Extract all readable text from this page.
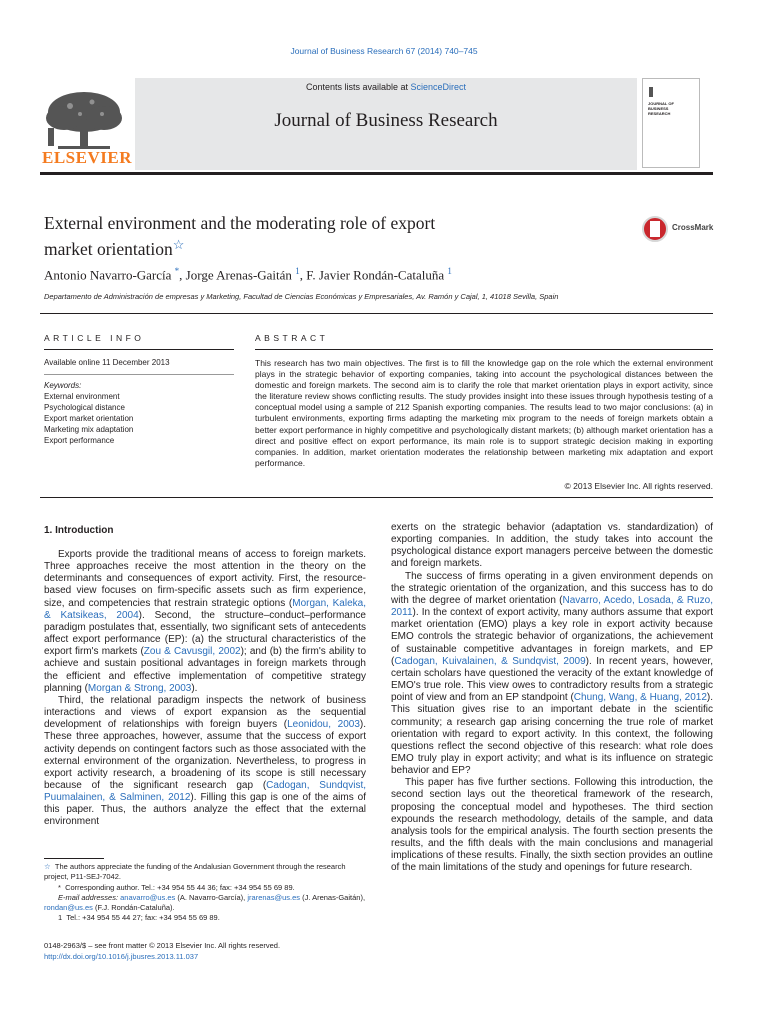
Journal of Business Research 67 (2014) 740–745
ELSEVIER
Contents lists available at ScienceDirect
Journal of Business Research
JOURNAL OF BUSINESS RESEARCH
External environment and the moderating role of export
market orientation☆
CrossMark
Antonio Navarro-García *, Jorge Arenas-Gaitán $^1$, F. Javier Rondán-Cataluña $^1$
Departamento de Administración de empresas y Marketing, Facultad de Ciencias Económicas y Empresariales, Av. Ramón y Cajal, 1, 41018 Sevilla, Spain
ARTICLE INFO
Available online 11 December 2013
Keywords:
External environment
Psychological distance
Export market orientation
Marketing mix adaptation
Export performance
ABSTRACT
This research has two main objectives. The first is to fill the knowledge gap on the role which the external environment plays in the strategic behavior of exporting companies, taking into account the psychological distances between the domestic and foreign markets. The second aim is to clarify the role that market orientation plays in export activity, since the literature review shows conflicting results. The study provides insight into these issues through hypothesis testing of a conceptual model using a sample of 212 Spanish exporting companies. The results lead to two major conclusions: (a) in turbulent environments, exporting firms adapting the marketing mix program to the needs of foreign markets obtain a better export performance in highly competitive and psychologically distant markets; (b) although market orientation has a direct and positive effect on export performance, its main role is to support strategic decision making in exporting companies. In addition, market orientation moderates the relationship between marketing mix adaptation and export performance.
© 2013 Elsevier Inc. All rights reserved.
1. Introduction

Exports provide the traditional means of access to foreign markets. Three approaches receive the most attention in the theory on the determinants and consequences of export activity. First, the resource-based view focuses on firm-specific assets such as firm experience, size, and competencies that restrain strategic options (Morgan, Kaleka, & Katsikeas, 2004). Second, the structure–conduct–performance paradigm postulates that, essentially, two significant sets of antecedents affect export performance (EP): (a) the structural characteristics of the export firm's markets (Zou & Cavusgil, 2002); and (b) the firm's ability to achieve and sustain positional advantages in foreign markets through the efficient and effective implementation of competitive strategy planning (Morgan & Strong, 2003).

Third, the relational paradigm inspects the network of business interactions and views of export expansion as the sequential development of relationships with foreign buyers (Leonidou, 2003). These three approaches, however, assume that the success of export activity depends on contingent factors such as those associated with the external environment of the organization. Nevertheless, to progress in export activity research, a broadening of its scope is still necessary because of the significant research gap (Cadogan, Sundqvist, Puumalainen, & Salminen, 2012). Filling this gap is one of the aims of this paper. Thus, the authors analyze the effect that the external environment

exerts on the strategic behavior (adaptation vs. standardization) of exporting companies. In addition, the study takes into account the psychological distance export managers perceive between the domestic and foreign markets.

The success of firms operating in a given environment depends on the strategic orientation of the organization, and this success has to do with the degree of market orientation (Navarro, Acedo, Losada, & Ruzo, 2011). In the context of export activity, many authors assume that export market orientation (EMO) plays a key role in export activity because EMO controls the strategic behavior of organizations, the achievement of sustainable competitive advantages in foreign markets, and EP (Cadogan, Kuivalainen, & Sundqvist, 2009). In recent years, however, certain scholars have questioned the veracity of the extant knowledge of EMO's true role. This view owes to contradictory results from a strategic point of view and from an EP standpoint (Chung, Wang, & Huang, 2012). This situation gives rise to an important debate in the scientific community; a research gap arising concerning the true role of market orientation with regard to export activity. In this context, the following questions reflect the second objective of this research: what role does EMO truly play in export activity; and what is its influence on strategic behavior and EP?

This paper has five further sections. Following this introduction, the second section lays out the theoretical framework of the research, proposing the conceptual model and hypotheses. The third section expounds the research methodology, details of the sample, and data analysis tools for the empirical analysis. The fourth section presents the results, and the fifth deals with the main conclusions and managerial implications of these results. Finally, the sixth section provides an outline of the main limitations of the study and openings for future research.

☆ The authors appreciate the funding of the Andalusian Government through the research project, P11-SEJ-7042.

* Corresponding author. Tel.: +34 954 55 44 36; fax: +34 954 55 69 89.

E-mail addresses: anavarro@us.es (A. Navarro-García), jrarenas@us.es (J. Arenas-Gaitán),

rondan@us.es (F.J. Rondán-Cataluña).

1 Tel.: +34 954 55 44 27; fax: +34 954 55 69 89.

0148-2963/$ – see front matter © 2013 Elsevier Inc. All rights reserved.
http://dx.doi.org/10.1016/j.jbusres.2013.11.037
